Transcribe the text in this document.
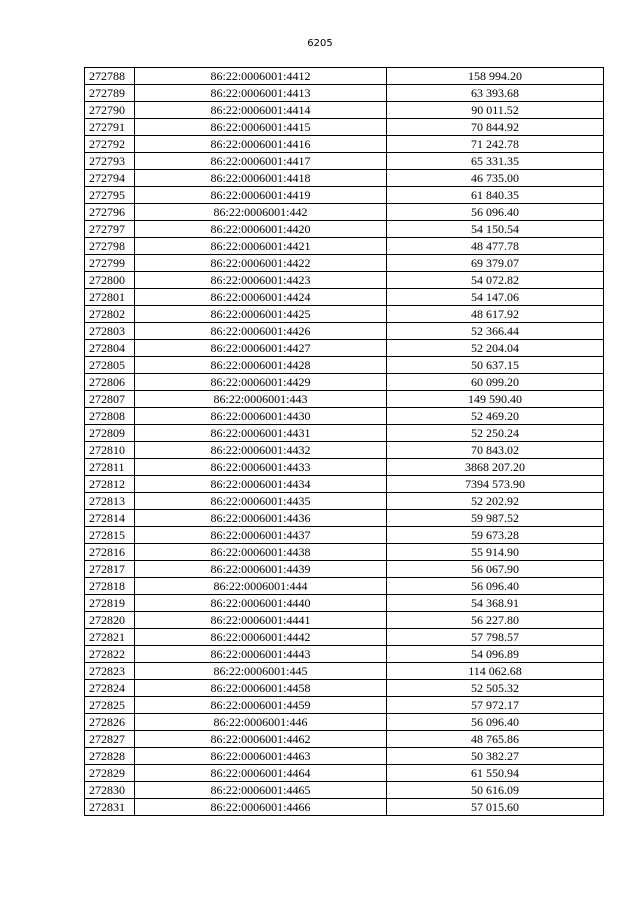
6205
272788	86:22:0006001:4412	158 994.20
272789	86:22:0006001:4413	63 393.68
272790	86:22:0006001:4414	90 011.52
272791	86:22:0006001:4415	70 844.92
272792	86:22:0006001:4416	71 242.78
272793	86:22:0006001:4417	65 331.35
272794	86:22:0006001:4418	46 735.00
272795	86:22:0006001:4419	61 840.35
272796	86:22:0006001:442	56 096.40
272797	86:22:0006001:4420	54 150.54
272798	86:22:0006001:4421	48 477.78
272799	86:22:0006001:4422	69 379.07
272800	86:22:0006001:4423	54 072.82
272801	86:22:0006001:4424	54 147.06
272802	86:22:0006001:4425	48 617.92
272803	86:22:0006001:4426	52 366.44
272804	86:22:0006001:4427	52 204.04
272805	86:22:0006001:4428	50 637.15
272806	86:22:0006001:4429	60 099.20
272807	86:22:0006001:443	149 590.40
272808	86:22:0006001:4430	52 469.20
272809	86:22:0006001:4431	52 250.24
272810	86:22:0006001:4432	70 843.02
272811	86:22:0006001:4433	3868 207.20
272812	86:22:0006001:4434	7394 573.90
272813	86:22:0006001:4435	52 202.92
272814	86:22:0006001:4436	59 987.52
272815	86:22:0006001:4437	59 673.28
272816	86:22:0006001:4438	55 914.90
272817	86:22:0006001:4439	56 067.90
272818	86:22:0006001:444	56 096.40
272819	86:22:0006001:4440	54 368.91
272820	86:22:0006001:4441	56 227.80
272821	86:22:0006001:4442	57 798.57
272822	86:22:0006001:4443	54 096.89
272823	86:22:0006001:445	114 062.68
272824	86:22:0006001:4458	52 505.32
272825	86:22:0006001:4459	57 972.17
272826	86:22:0006001:446	56 096.40
272827	86:22:0006001:4462	48 765.86
272828	86:22:0006001:4463	50 382.27
272829	86:22:0006001:4464	61 550.94
272830	86:22:0006001:4465	50 616.09
272831	86:22:0006001:4466	57 015.60
